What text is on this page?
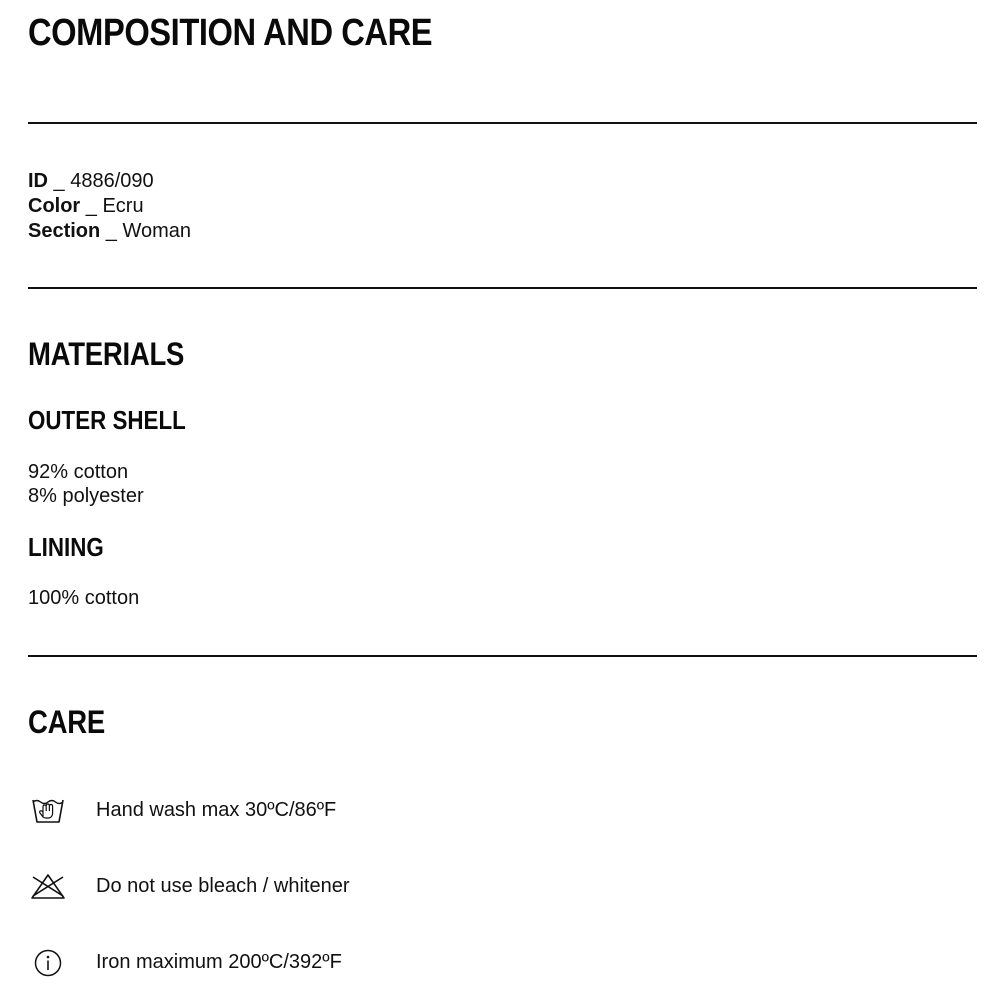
COMPOSITION AND CARE
ID _ 4886/090
Color _ Ecru
Section _ Woman
MATERIALS
OUTER SHELL
92% cotton
8% polyester
LINING
100% cotton
CARE
Hand wash max 30ºC/86ºF
Do not use bleach / whitener
Iron maximum 200ºC/392ºF
